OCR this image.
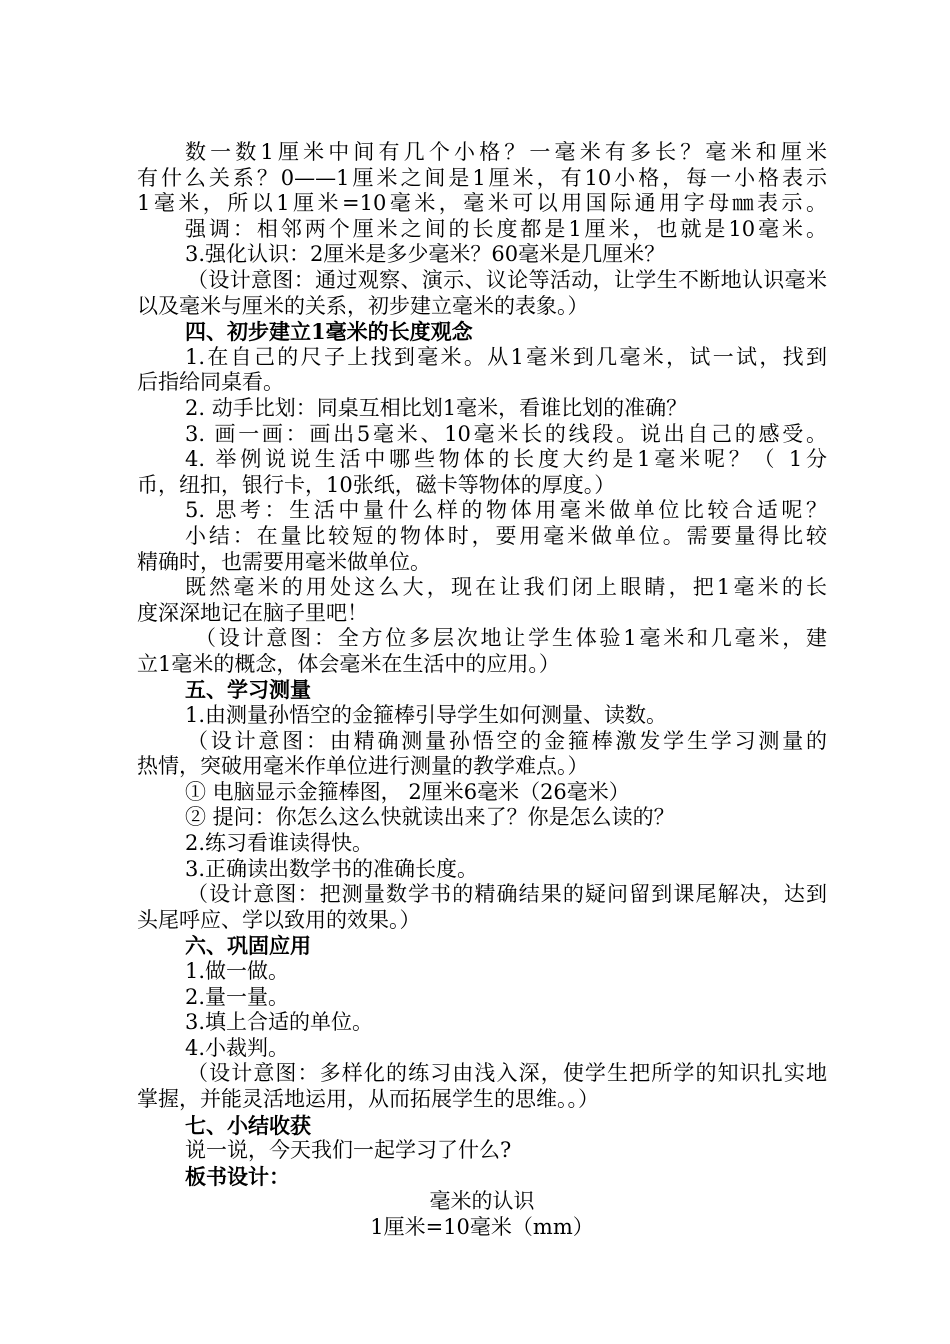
数一数1厘米中间有几个小格？一毫米有多长？毫米和厘米
有什么关系？0——1厘米之间是1厘米，有10小格，每一小格表示
1毫米，所以1厘米=10毫米，毫米可以用国际通用字母㎜表示。
强调：相邻两个厘米之间的长度都是1厘米，也就是10毫米。
3.强化认识：2厘米是多少毫米？60毫米是几厘米？
（设计意图：通过观察、演示、议论等活动，让学生不断地认识毫米
以及毫米与厘米的关系，初步建立毫米的表象。）
四、初步建立1毫米的长度观念
1.在自己的尺子上找到毫米。从1毫米到几毫米，试一试，找到
后指给同桌看。
2. 动手比划：同桌互相比划1毫米，看谁比划的准确？
3. 画一画：画出5毫米、10毫米长的线段。说出自己的感受。
4. 举例说说生活中哪些物体的长度大约是1毫米呢？（ 1分
币，纽扣，银行卡，10张纸，磁卡等物体的厚度。）
5. 思考：生活中量什么样的物体用毫米做单位比较合适呢？
小结：在量比较短的物体时，要用毫米做单位。需要量得比较
精确时，也需要用毫米做单位。
既然毫米的用处这么大，现在让我们闭上眼睛，把1毫米的长
度深深地记在脑子里吧！
（设计意图：全方位多层次地让学生体验1毫米和几毫米，建
立1毫米的概念，体会毫米在生活中的应用。）
五、学习测量
1.由测量孙悟空的金箍棒引导学生如何测量、读数。
（设计意图：由精确测量孙悟空的金箍棒激发学生学习测量的
热情，突破用毫米作单位进行测量的教学难点。）
① 电脑显示金箍棒图， 2厘米6毫米（26毫米）
② 提问：你怎么这么快就读出来了？你是怎么读的？
2.练习看谁读得快。
3.正确读出数学书的准确长度。
（设计意图：把测量数学书的精确结果的疑问留到课尾解决，达到
头尾呼应、学以致用的效果。）
六、巩固应用
1.做一做。
2.量一量。
3.填上合适的单位。
4.小裁判。
（设计意图：多样化的练习由浅入深，使学生把所学的知识扎实地
掌握，并能灵活地运用，从而拓展学生的思维。。）
七、小结收获
说一说，今天我们一起学习了什么?
板书设计：
毫米的认识
1厘米=10毫米（mm）
